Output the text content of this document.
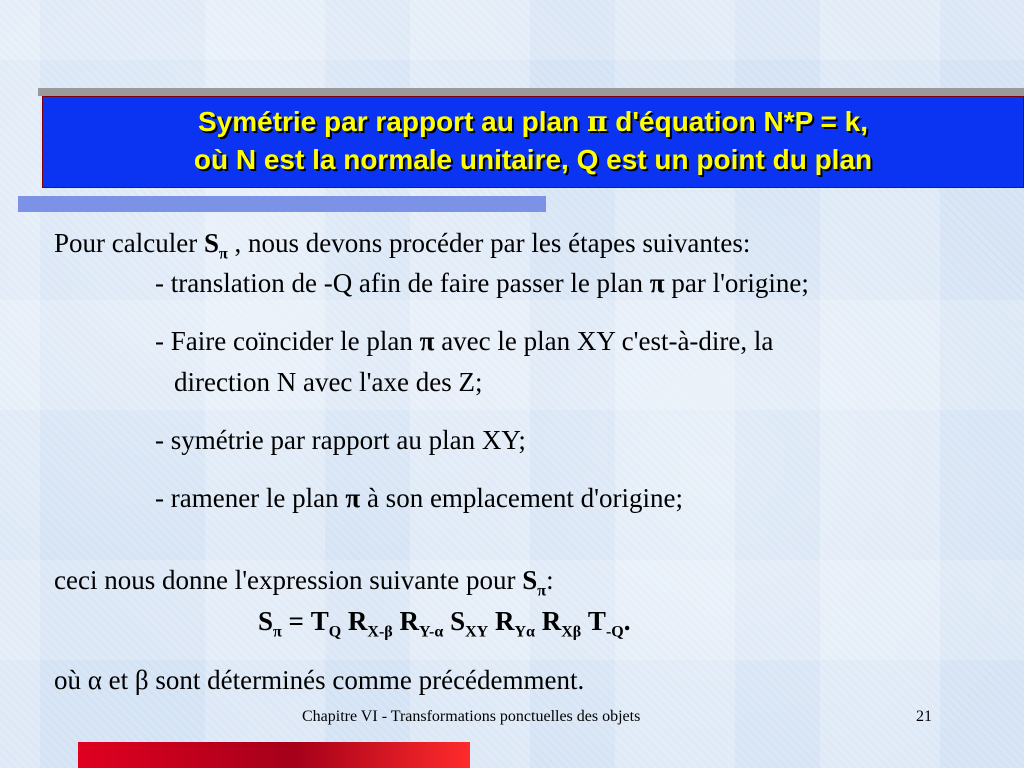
Symétrie par rapport au plan π d'équation N*P = k,
où N est la normale unitaire, Q est un point du plan
Pour calculer $S_\pi$ , nous devons procéder par les étapes suivantes:
- translation de -Q afin de faire passer le plan π par l'origine;
- Faire coïncider le plan π avec le plan XY c'est-à-dire, la
direction N avec l'axe des Z;
- symétrie par rapport au plan XY;
- ramener le plan π à son emplacement d'origine;
ceci nous donne l'expression suivante pour $S_\pi$:
$S_\pi = T_Q$ $R_{X-\beta}$ $R_{Y-\alpha}$ $S_{XY}$ $R_{Y\alpha}$ $R_{X\beta}$ $T_{-Q}$.
où α et β sont déterminés comme précédemment.
Chapitre VI - Transformations ponctuelles des objets	21
